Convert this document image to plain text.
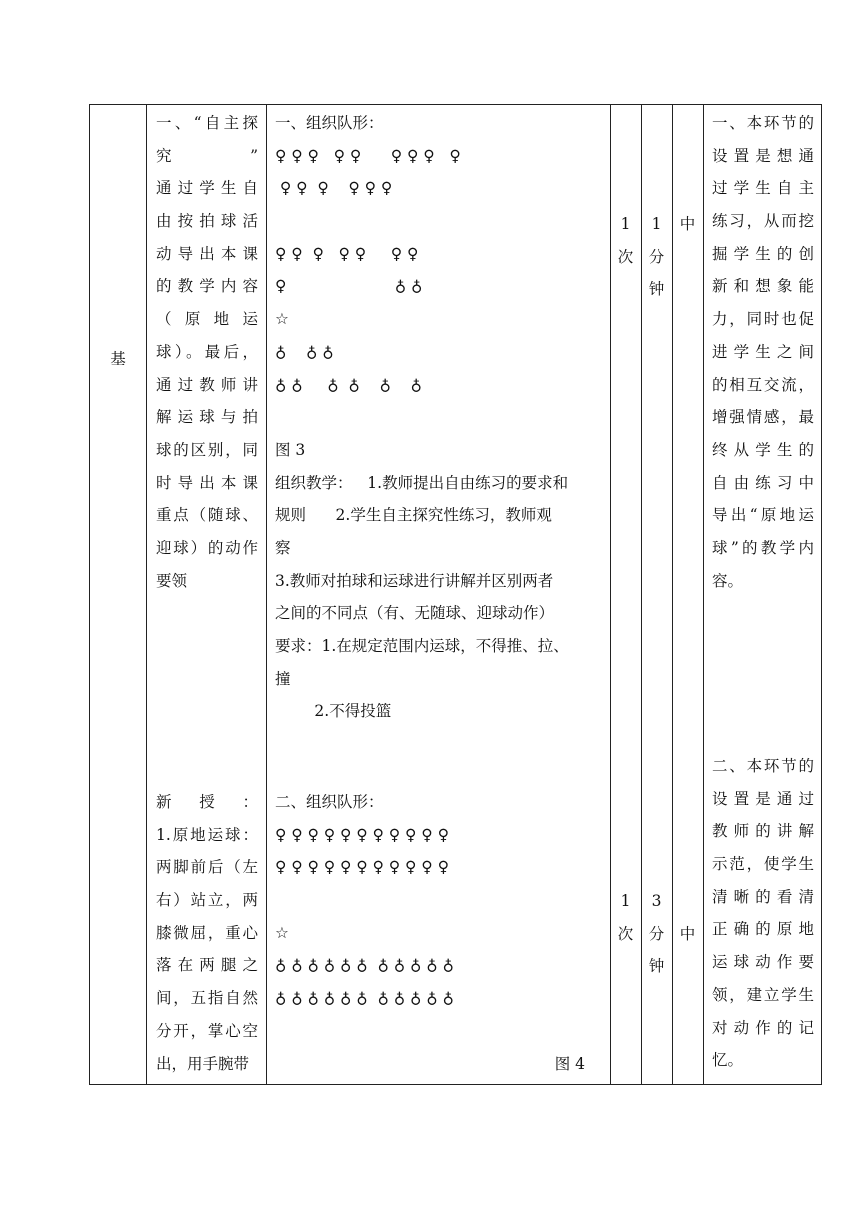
基
一、“自主探
究”
通过学生自
由按拍球活
动导出本课
的教学内容
（ 原 地 运
球）。最后，
通过教师讲
解运球与拍
球的区别，同
时导出本课
重点（随球、
迎球）的动作
要领
新授：
1.原地运球：
两脚前后（左
右）站立，两
膝微屈，重心
落在两腿之
间，五指自然
分开，掌心空
出，用手腕带
一、组织队形：
♀ ♀ ♀   ♀ ♀      ♀ ♀ ♀   ♀
♀ ♀  ♀    ♀ ♀ ♀
♀ ♀  ♀   ♀ ♀     ♀ ♀
♀                      ♁ ♁
☆
♁    ♁ ♁
♁ ♁     ♁  ♁    ♁    ♁
图 3
组织教学：   1.教师提出自由练习的要求和
规则      2.学生自主探究性练习，教师观
察
3.教师对拍球和运球进行讲解并区别两者
之间的不同点（有、无随球、迎球动作）
要求：1.在规定范围内运球，不得推、拉、
撞
2.不得投篮
二、组织队形：
♀ ♀ ♀ ♀ ♀ ♀ ♀ ♀ ♀ ♀ ♀
♀ ♀ ♀ ♀ ♀ ♀ ♀ ♀ ♀ ♀ ♀
☆
♁ ♁ ♁ ♁ ♁ ♁  ♁ ♁ ♁ ♁ ♁
♁ ♁ ♁ ♁ ♁ ♁  ♁ ♁ ♁ ♁ ♁
图 4
1
次
1
次
1
分
钟
3
分
钟
中
中
一、本环节的
设置是想通
过学生自主
练习，从而挖
掘学生的创
新和想象能
力，同时也促
进学生之间
的相互交流，
增强情感，最
终从学生的
自由练习中
导出“原地运
球”的教学内
容。
二、本环节的
设置是通过
教师的讲解
示范，使学生
清晰的看清
正确的原地
运球动作要
领，建立学生
对动作的记
忆。
